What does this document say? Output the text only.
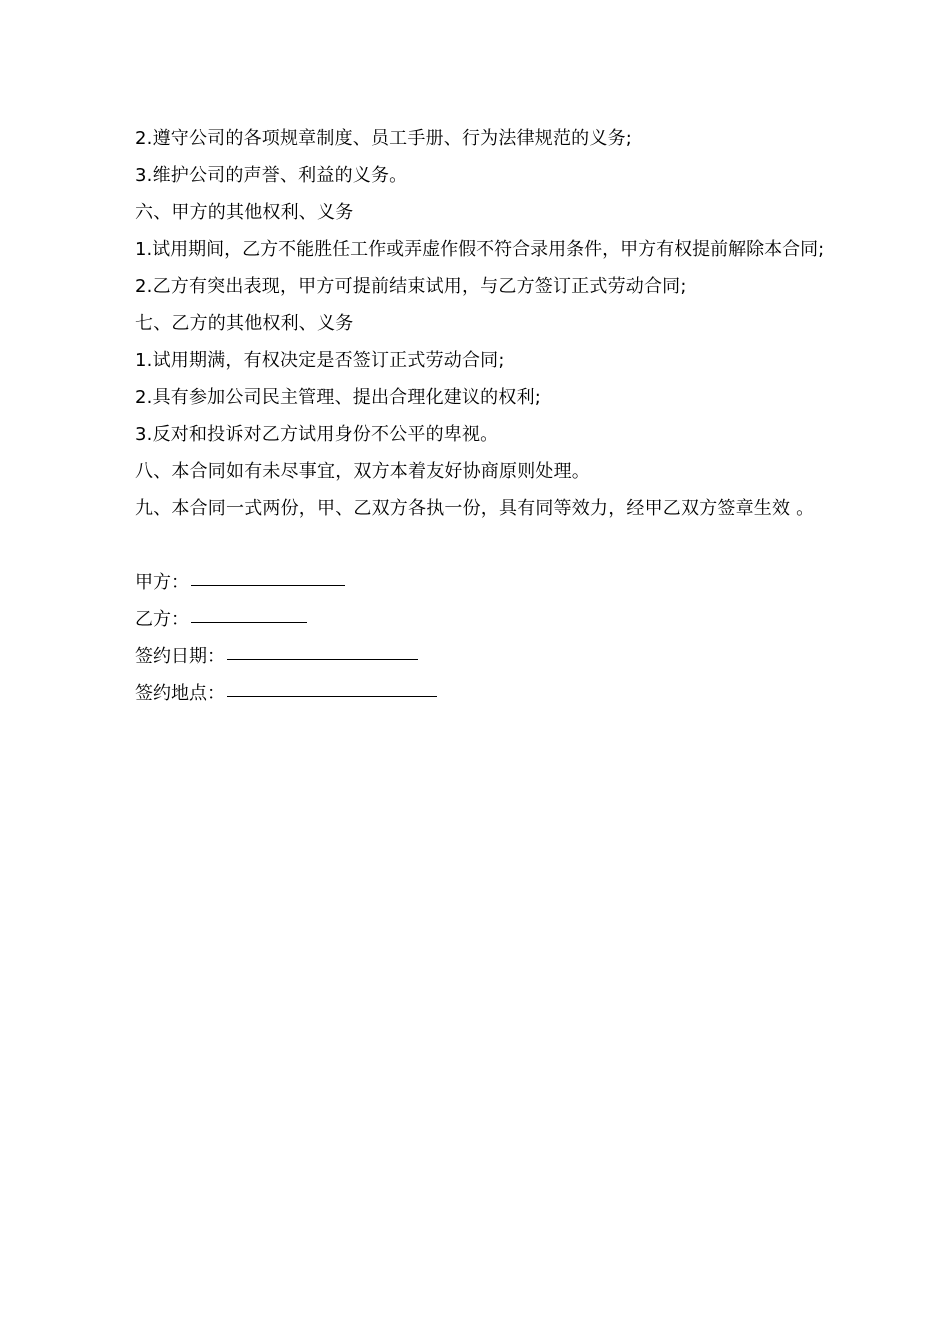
2.遵守公司的各项规章制度、员工手册、行为法律规范的义务;

3.维护公司的声誉、利益的义务。

六、甲方的其他权利、义务

1.试用期间，乙方不能胜任工作或弄虚作假不符合录用条件，甲方有权提前解除本合同;

2.乙方有突出表现，甲方可提前结束试用，与乙方签订正式劳动合同;

七、乙方的其他权利、义务

1.试用期满，有权决定是否签订正式劳动合同;

2.具有参加公司民主管理、提出合理化建议的权利;

3.反对和投诉对乙方试用身份不公平的卑视。

八、本合同如有未尽事宜，双方本着友好协商原则处理。

九、本合同一式两份，甲、乙双方各执一份，具有同等效力，经甲乙双方签章生效 。

甲方：
乙方：
签约日期：
签约地点：
